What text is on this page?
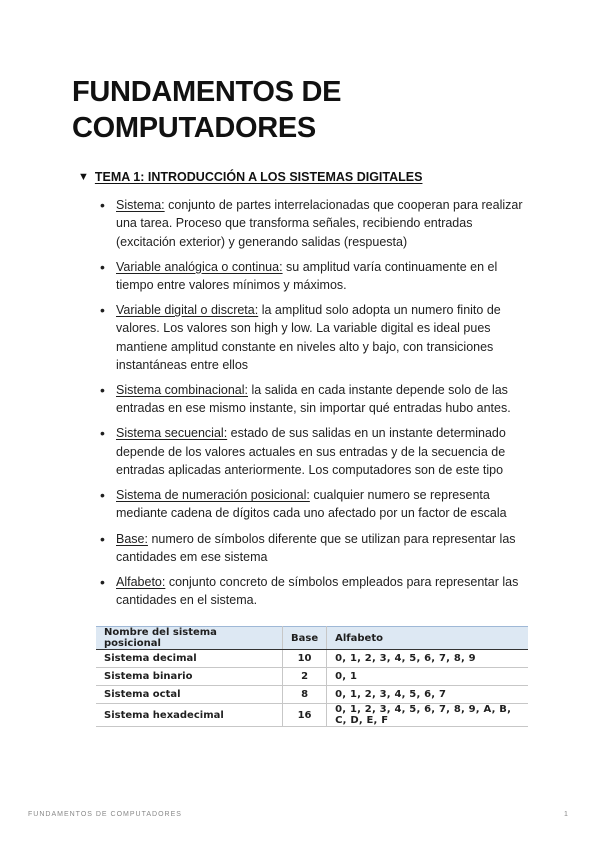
FUNDAMENTOS DE COMPUTADORES
▼ TEMA 1: INTRODUCCIÓN A LOS SISTEMAS DIGITALES
• Sistema: conjunto de partes interrelacionadas que cooperan para realizar una tarea. Proceso que transforma señales, recibiendo entradas (excitación exterior) y generando salidas (respuesta)
• Variable analógica o continua: su amplitud varía continuamente en el tiempo entre valores mínimos y máximos.
• Variable digital o discreta: la amplitud solo adopta un numero finito de valores. Los valores son high y low. La variable digital es ideal pues mantiene amplitud constante en niveles alto y bajo, con transiciones instantáneas entre ellos
• Sistema combinacional: la salida en cada instante depende solo de las entradas en ese mismo instante, sin importar qué entradas hubo antes.
• Sistema secuencial: estado de sus salidas en un instante determinado depende de los valores actuales en sus entradas y de la secuencia de entradas aplicadas anteriormente. Los computadores son de este tipo
• Sistema de numeración posicional: cualquier numero se representa mediante cadena de dígitos cada uno afectado por un factor de escala
• Base: numero de símbolos diferente que se utilizan para representar las cantidades em ese sistema
• Alfabeto: conjunto concreto de símbolos empleados para representar las cantidades en el sistema.
Nombre del sistema posicional	Base	Alfabeto
Sistema decimal	10	0, 1, 2, 3, 4, 5, 6, 7, 8, 9
Sistema binario	2	0, 1
Sistema octal	8	0, 1, 2, 3, 4, 5, 6, 7
Sistema hexadecimal	16	0, 1, 2, 3, 4, 5, 6, 7, 8, 9, A, B, C, D, E, F
FUNDAMENTOS DE COMPUTADORES	1
